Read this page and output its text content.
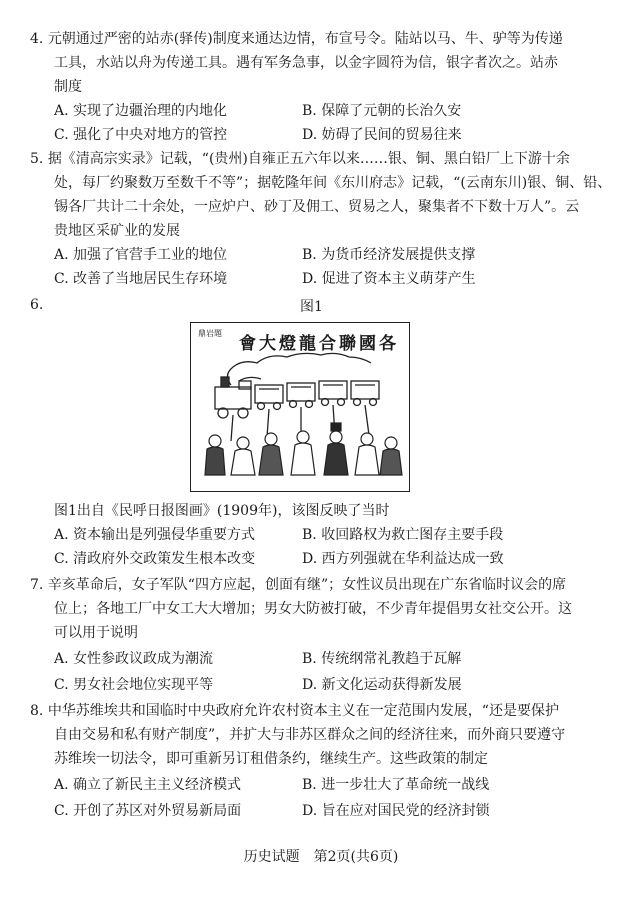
4. 元朝通过严密的站赤(驿传)制度来通达边情，布宣号令。陆站以马、牛、驴等为传递
工具，水站以舟为传递工具。遇有军务急事，以金字圆符为信，银字者次之。站赤
制度
A. 实现了边疆治理的内地化	B. 保障了元朝的长治久安
C. 强化了中央对地方的管控	D. 妨碍了民间的贸易往来
5. 据《清高宗实录》记载，“(贵州)自雍正五六年以来……银、铜、黑白铅厂上下游十余
处，每厂约聚数万至数千不等”；据乾隆年间《东川府志》记载，“(云南东川)银、铜、铅、
锡各厂共计二十余处，一应炉户、砂丁及佣工、贸易之人，聚集者不下数十万人”。云
贵地区采矿业的发展
A. 加强了官营手工业的地位	B. 为货币经济发展提供支撑
C. 改善了当地居民生存环境	D. 促进了资本主义萌芽产生
6.	图1
鼎岩題
各國聯合龍燈大會
图1出自《民呼日报图画》(1909年)，该图反映了当时
A. 资本输出是列强侵华重要方式	B. 收回路权为救亡图存主要手段
C. 清政府外交政策发生根本改变	D. 西方列强就在华利益达成一致
7. 辛亥革命后，女子军队“四方应起，创面有继”；女性议员出现在广东省临时议会的席
位上；各地工厂中女工大大增加；男女大防被打破，不少青年提倡男女社交公开。这
可以用于说明
A. 女性参政议政成为潮流	B. 传统纲常礼教趋于瓦解
C. 男女社会地位实现平等	D. 新文化运动获得新发展
8. 中华苏维埃共和国临时中央政府允许农村资本主义在一定范围内发展，“还是要保护
自由交易和私有财产制度”，并扩大与非苏区群众之间的经济往来，而外商只要遵守
苏维埃一切法令，即可重新另订租借条约，继续生产。这些政策的制定
A. 确立了新民主主义经济模式	B. 进一步壮大了革命统一战线
C. 开创了苏区对外贸易新局面	D. 旨在应对国民党的经济封锁
历史试题　第2页(共6页)
